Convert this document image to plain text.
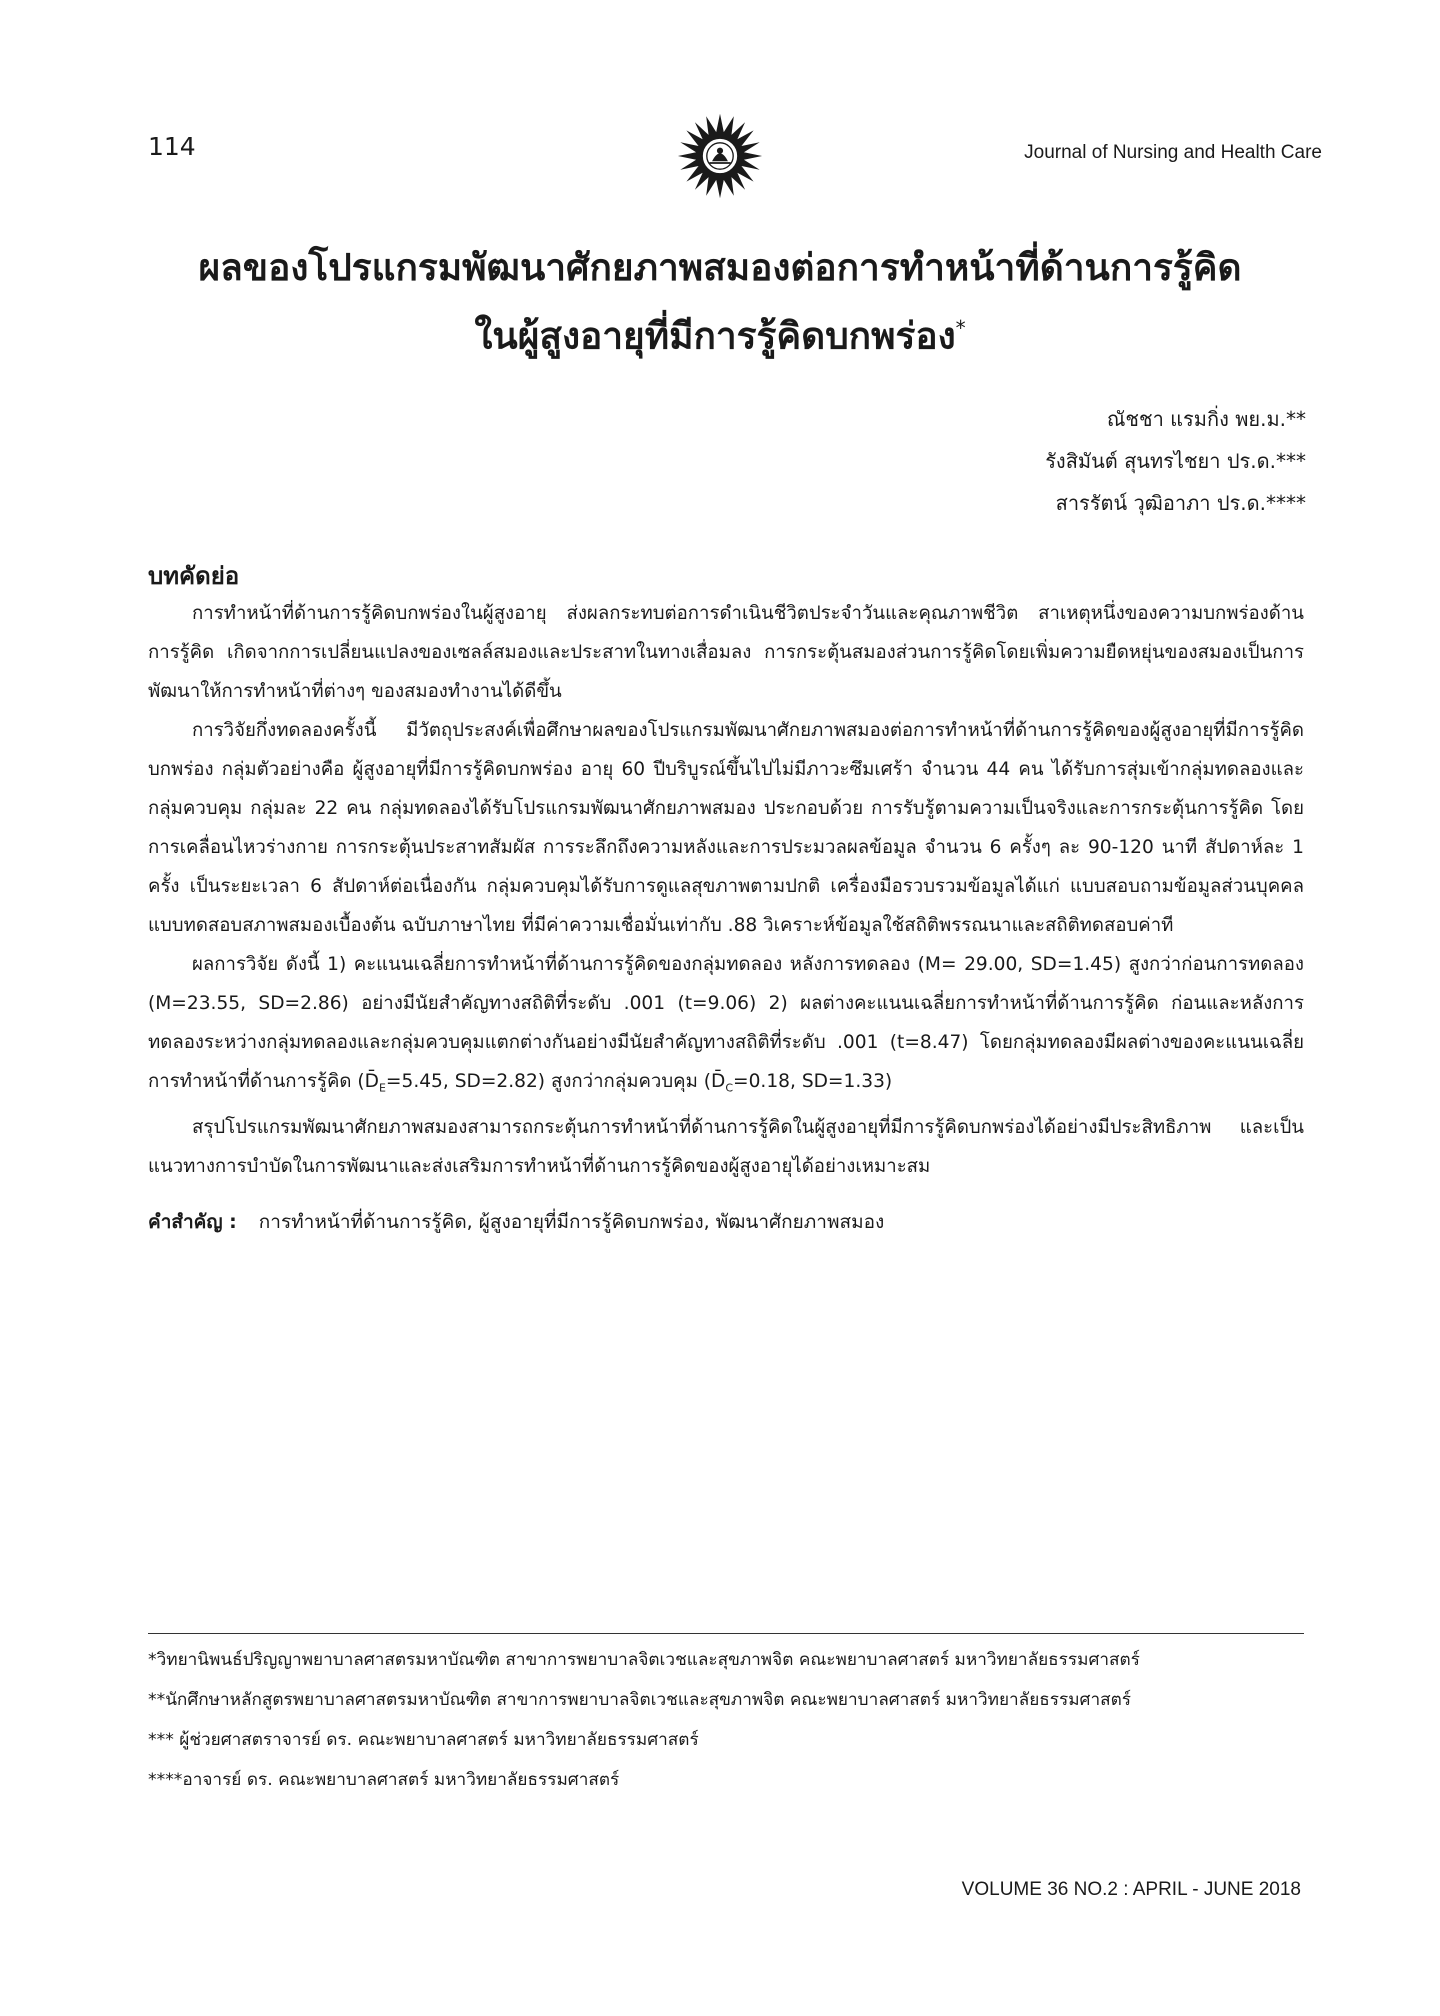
114	Journal of Nursing and Health Care
ผลของโปรแกรมพัฒนาศักยภาพสมองต่อการทำหน้าที่ด้านการรู้คิด
ในผู้สูงอายุที่มีการรู้คิดบกพร่อง*
ณัชชา แรมกิ่ง พย.ม.**
รังสิมันต์ สุนทรไชยา ปร.ด.***
สารรัตน์ วุฒิอาภา ปร.ด.****
บทคัดย่อ

การทำหน้าที่ด้านการรู้คิดบกพร่องในผู้สูงอายุ ส่งผลกระทบต่อการดำเนินชีวิตประจำวันและคุณภาพชีวิต สาเหตุหนึ่งของความบกพร่องด้านการรู้คิด เกิดจากการเปลี่ยนแปลงของเซลล์สมองและประสาทในทางเสื่อมลง การกระตุ้นสมองส่วนการรู้คิดโดยเพิ่มความยืดหยุ่นของสมองเป็นการพัฒนาให้การทำหน้าที่ต่างๆ ของสมองทำงานได้ดีขึ้น

การวิจัยกึ่งทดลองครั้งนี้ มีวัตถุประสงค์เพื่อศึกษาผลของโปรแกรมพัฒนาศักยภาพสมองต่อการทำหน้าที่ด้านการรู้คิดของผู้สูงอายุที่มีการรู้คิดบกพร่อง กลุ่มตัวอย่างคือ ผู้สูงอายุที่มีการรู้คิดบกพร่อง อายุ 60 ปีบริบูรณ์ขึ้นไปไม่มีภาวะซึมเศร้า จำนวน 44 คน ได้รับการสุ่มเข้ากลุ่มทดลองและกลุ่มควบคุม กลุ่มละ 22 คน กลุ่มทดลองได้รับโปรแกรมพัฒนาศักยภาพสมอง ประกอบด้วย การรับรู้ตามความเป็นจริงและการกระตุ้นการรู้คิด โดย การเคลื่อนไหวร่างกาย การกระตุ้นประสาทสัมผัส การระลึกถึงความหลังและการประมวลผลข้อมูล จำนวน 6 ครั้งๆ ละ 90-120 นาที สัปดาห์ละ 1 ครั้ง เป็นระยะเวลา 6 สัปดาห์ต่อเนื่องกัน กลุ่มควบคุมได้รับการดูแลสุขภาพตามปกติ เครื่องมือรวบรวมข้อมูลได้แก่ แบบสอบถามข้อมูลส่วนบุคคล แบบทดสอบสภาพสมองเบื้องต้น ฉบับภาษาไทย ที่มีค่าความเชื่อมั่นเท่ากับ .88 วิเคราะห์ข้อมูลใช้สถิติพรรณนาและสถิติทดสอบค่าที

ผลการวิจัย ดังนี้ 1) คะแนนเฉลี่ยการทำหน้าที่ด้านการรู้คิดของกลุ่มทดลอง หลังการทดลอง (M= 29.00, SD=1.45) สูงกว่าก่อนการทดลอง (M=23.55, SD=2.86) อย่างมีนัยสำคัญทางสถิติที่ระดับ .001 (t=9.06) 2) ผลต่างคะแนนเฉลี่ยการทำหน้าที่ด้านการรู้คิด ก่อนและหลังการทดลองระหว่างกลุ่มทดลองและกลุ่มควบคุมแตกต่างกันอย่างมีนัยสำคัญทางสถิติที่ระดับ .001 (t=8.47) โดยกลุ่มทดลองมีผลต่างของคะแนนเฉลี่ยการทำหน้าที่ด้านการรู้คิด ($D̄_E=5.45$, SD=2.82) สูงกว่ากลุ่มควบคุม ($D̄_C=0.18$, SD=1.33)

สรุปโปรแกรมพัฒนาศักยภาพสมองสามารถกระตุ้นการทำหน้าที่ด้านการรู้คิดในผู้สูงอายุที่มีการรู้คิดบกพร่องได้อย่างมีประสิทธิภาพ และเป็นแนวทางการบำบัดในการพัฒนาและส่งเสริมการทำหน้าที่ด้านการรู้คิดของผู้สูงอายุได้อย่างเหมาะสม

คำสำคัญ : การทำหน้าที่ด้านการรู้คิด, ผู้สูงอายุที่มีการรู้คิดบกพร่อง, พัฒนาศักยภาพสมอง

*วิทยานิพนธ์ปริญญาพยาบาลศาสตรมหาบัณฑิต สาขาการพยาบาลจิตเวชและสุขภาพจิต คณะพยาบาลศาสตร์ มหาวิทยาลัยธรรมศาสตร์

**นักศึกษาหลักสูตรพยาบาลศาสตรมหาบัณฑิต สาขาการพยาบาลจิตเวชและสุขภาพจิต คณะพยาบาลศาสตร์ มหาวิทยาลัยธรรมศาสตร์

*** ผู้ช่วยศาสตราจารย์ ดร. คณะพยาบาลศาสตร์ มหาวิทยาลัยธรรมศาสตร์

****อาจารย์ ดร. คณะพยาบาลศาสตร์ มหาวิทยาลัยธรรมศาสตร์

VOLUME 36 NO.2 : APRIL - JUNE 2018
